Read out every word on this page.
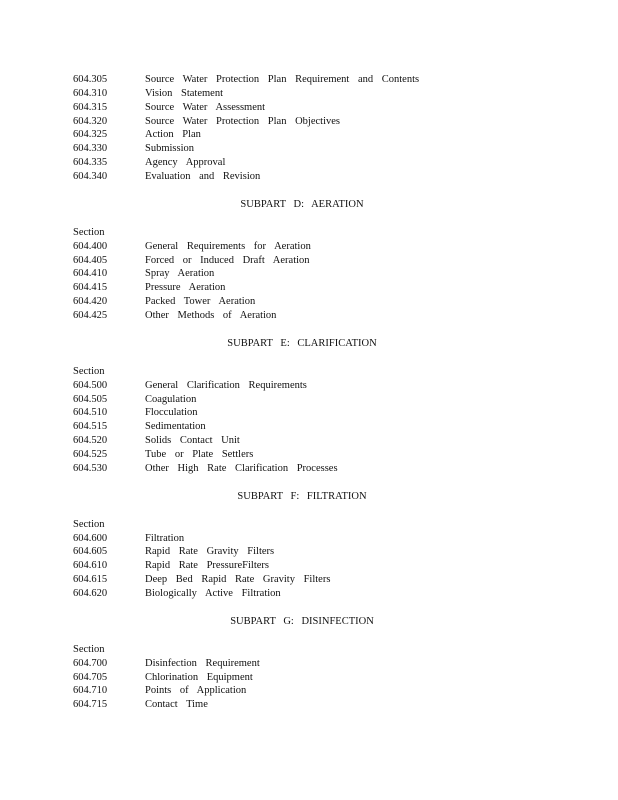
604.305	Source Water Protection Plan Requirement and Contents
604.310	Vision Statement
604.315	Source Water Assessment
604.320	Source Water Protection Plan Objectives
604.325	Action Plan
604.330	Submission
604.335	Agency Approval
604.340	Evaluation and Revision
SUBPART D: AERATION
Section
604.400	General Requirements for Aeration
604.405	Forced or Induced Draft Aeration
604.410	Spray Aeration
604.415	Pressure Aeration
604.420	Packed Tower Aeration
604.425	Other Methods of Aeration
SUBPART E: CLARIFICATION
Section
604.500	General Clarification Requirements
604.505	Coagulation
604.510	Flocculation
604.515	Sedimentation
604.520	Solids Contact Unit
604.525	Tube or Plate Settlers
604.530	Other High Rate Clarification Processes
SUBPART F: FILTRATION
Section
604.600	Filtration
604.605	Rapid Rate Gravity Filters
604.610	Rapid Rate PressureFilters
604.615	Deep Bed Rapid Rate Gravity Filters
604.620	Biologically Active Filtration
SUBPART G: DISINFECTION
Section
604.700	Disinfection Requirement
604.705	Chlorination Equipment
604.710	Points of Application
604.715	Contact Time
